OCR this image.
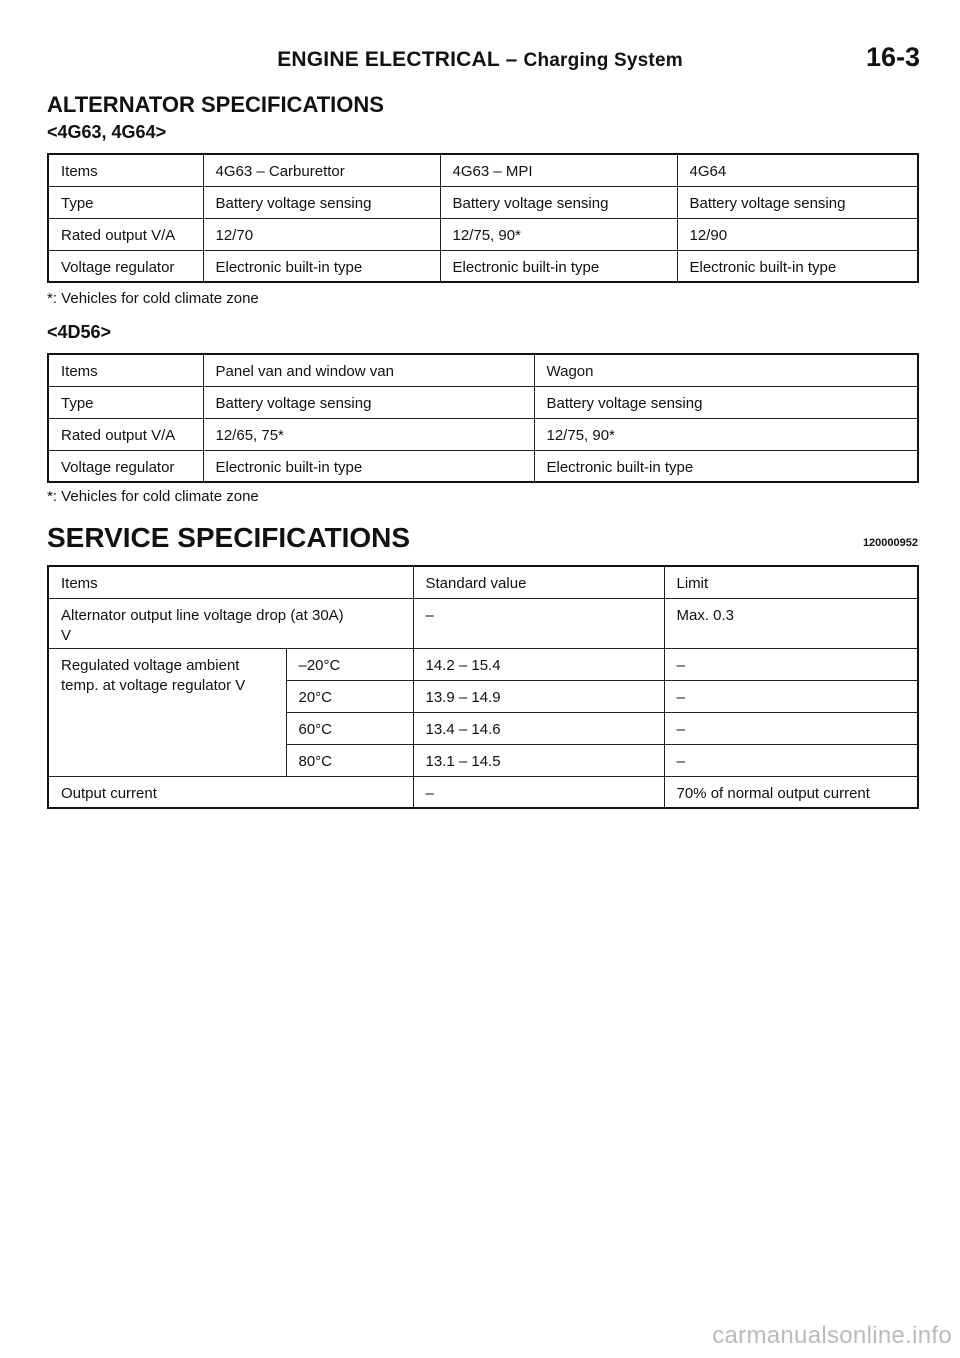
ENGINE ELECTRICAL – Charging System	16-3
ALTERNATOR SPECIFICATIONS
<4G63, 4G64>
Items	4G63 – Carburettor	4G63 – MPI	4G64
Type	Battery voltage sensing	Battery voltage sensing	Battery voltage sensing
Rated output V/A	12/70	12/75, 90*	12/90
Voltage regulator	Electronic built-in type	Electronic built-in type	Electronic built-in type
*: Vehicles for cold climate zone
<4D56>
Items	Panel van and window van	Wagon
Type	Battery voltage sensing	Battery voltage sensing
Rated output V/A	12/65, 75*	12/75, 90*
Voltage regulator	Electronic built-in type	Electronic built-in type
*: Vehicles for cold climate zone
SERVICE SPECIFICATIONS	120000952
Items		Standard value	Limit
Alternator output line voltage drop (at 30A) V		–	Max. 0.3
Regulated voltage ambient temp. at voltage regulator V	–20°C	14.2 – 15.4	–
	20°C	13.9 – 14.9	–
	60°C	13.4 – 14.6	–
	80°C	13.1 – 14.5	–
Output current		–	70% of normal output current
carmanualsonline.info
